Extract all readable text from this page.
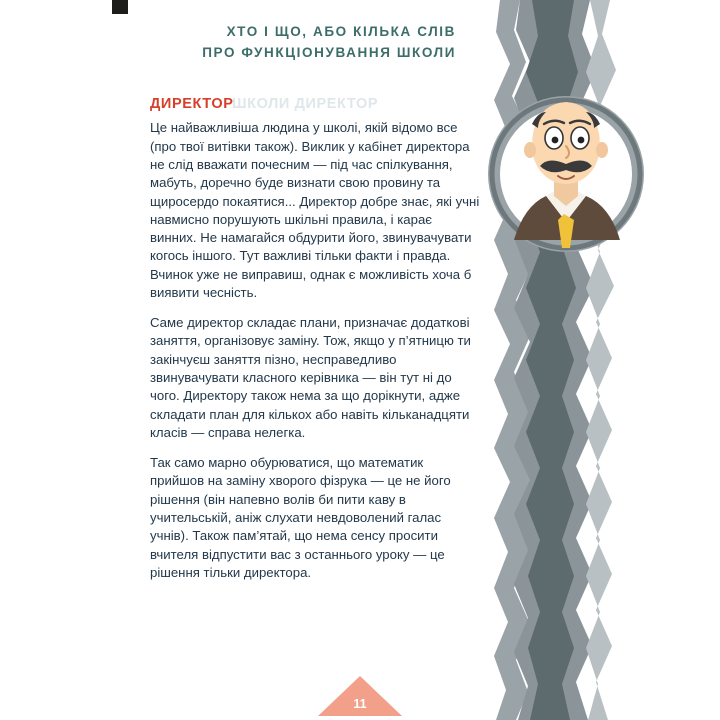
ХТО І ЩО, АБО КІЛЬКА СЛІВ
ПРО ФУНКЦІОНУВАННЯ ШКОЛИ
ШКОЛИ ДИРЕКТОР
ДИРЕКТОР

Це найважливіша людина у школі, якій відомо все (про твої витівки також). Виклик у кабінет директора не слід вважати почесним — під час спілкування, мабуть, доречно буде визнати свою провину та щиросердо покаятися... Директор добре знає, які учні навмисно порушують шкільні правила, і карає винних. Не намагайся обдурити його, звинувачувати когось іншого. Тут важливі тільки факти і правда. Вчинок уже не виправиш, однак є можливість хоча б виявити чесність.

Саме директор складає плани, призначає додаткові заняття, організовує заміну. Тож, якщо у п’ятницю ти закінчуєш заняття пізно, несправедливо звинувачувати класного керівника — він тут ні до чого. Директору також нема за що дорікнути, адже складати план для кількох або навіть кільканадцяти класів — справа нелегка.

Так само марно обурюватися, що математик прийшов на заміну хворого фізрука — це не його рішення (він напевно волів би пити каву в учительській, аніж слухати невдоволений галас учнів). Також пам’ятай, що нема сенсу просити вчителя відпустити вас з останнього уроку — це рішення тільки директора.

11
